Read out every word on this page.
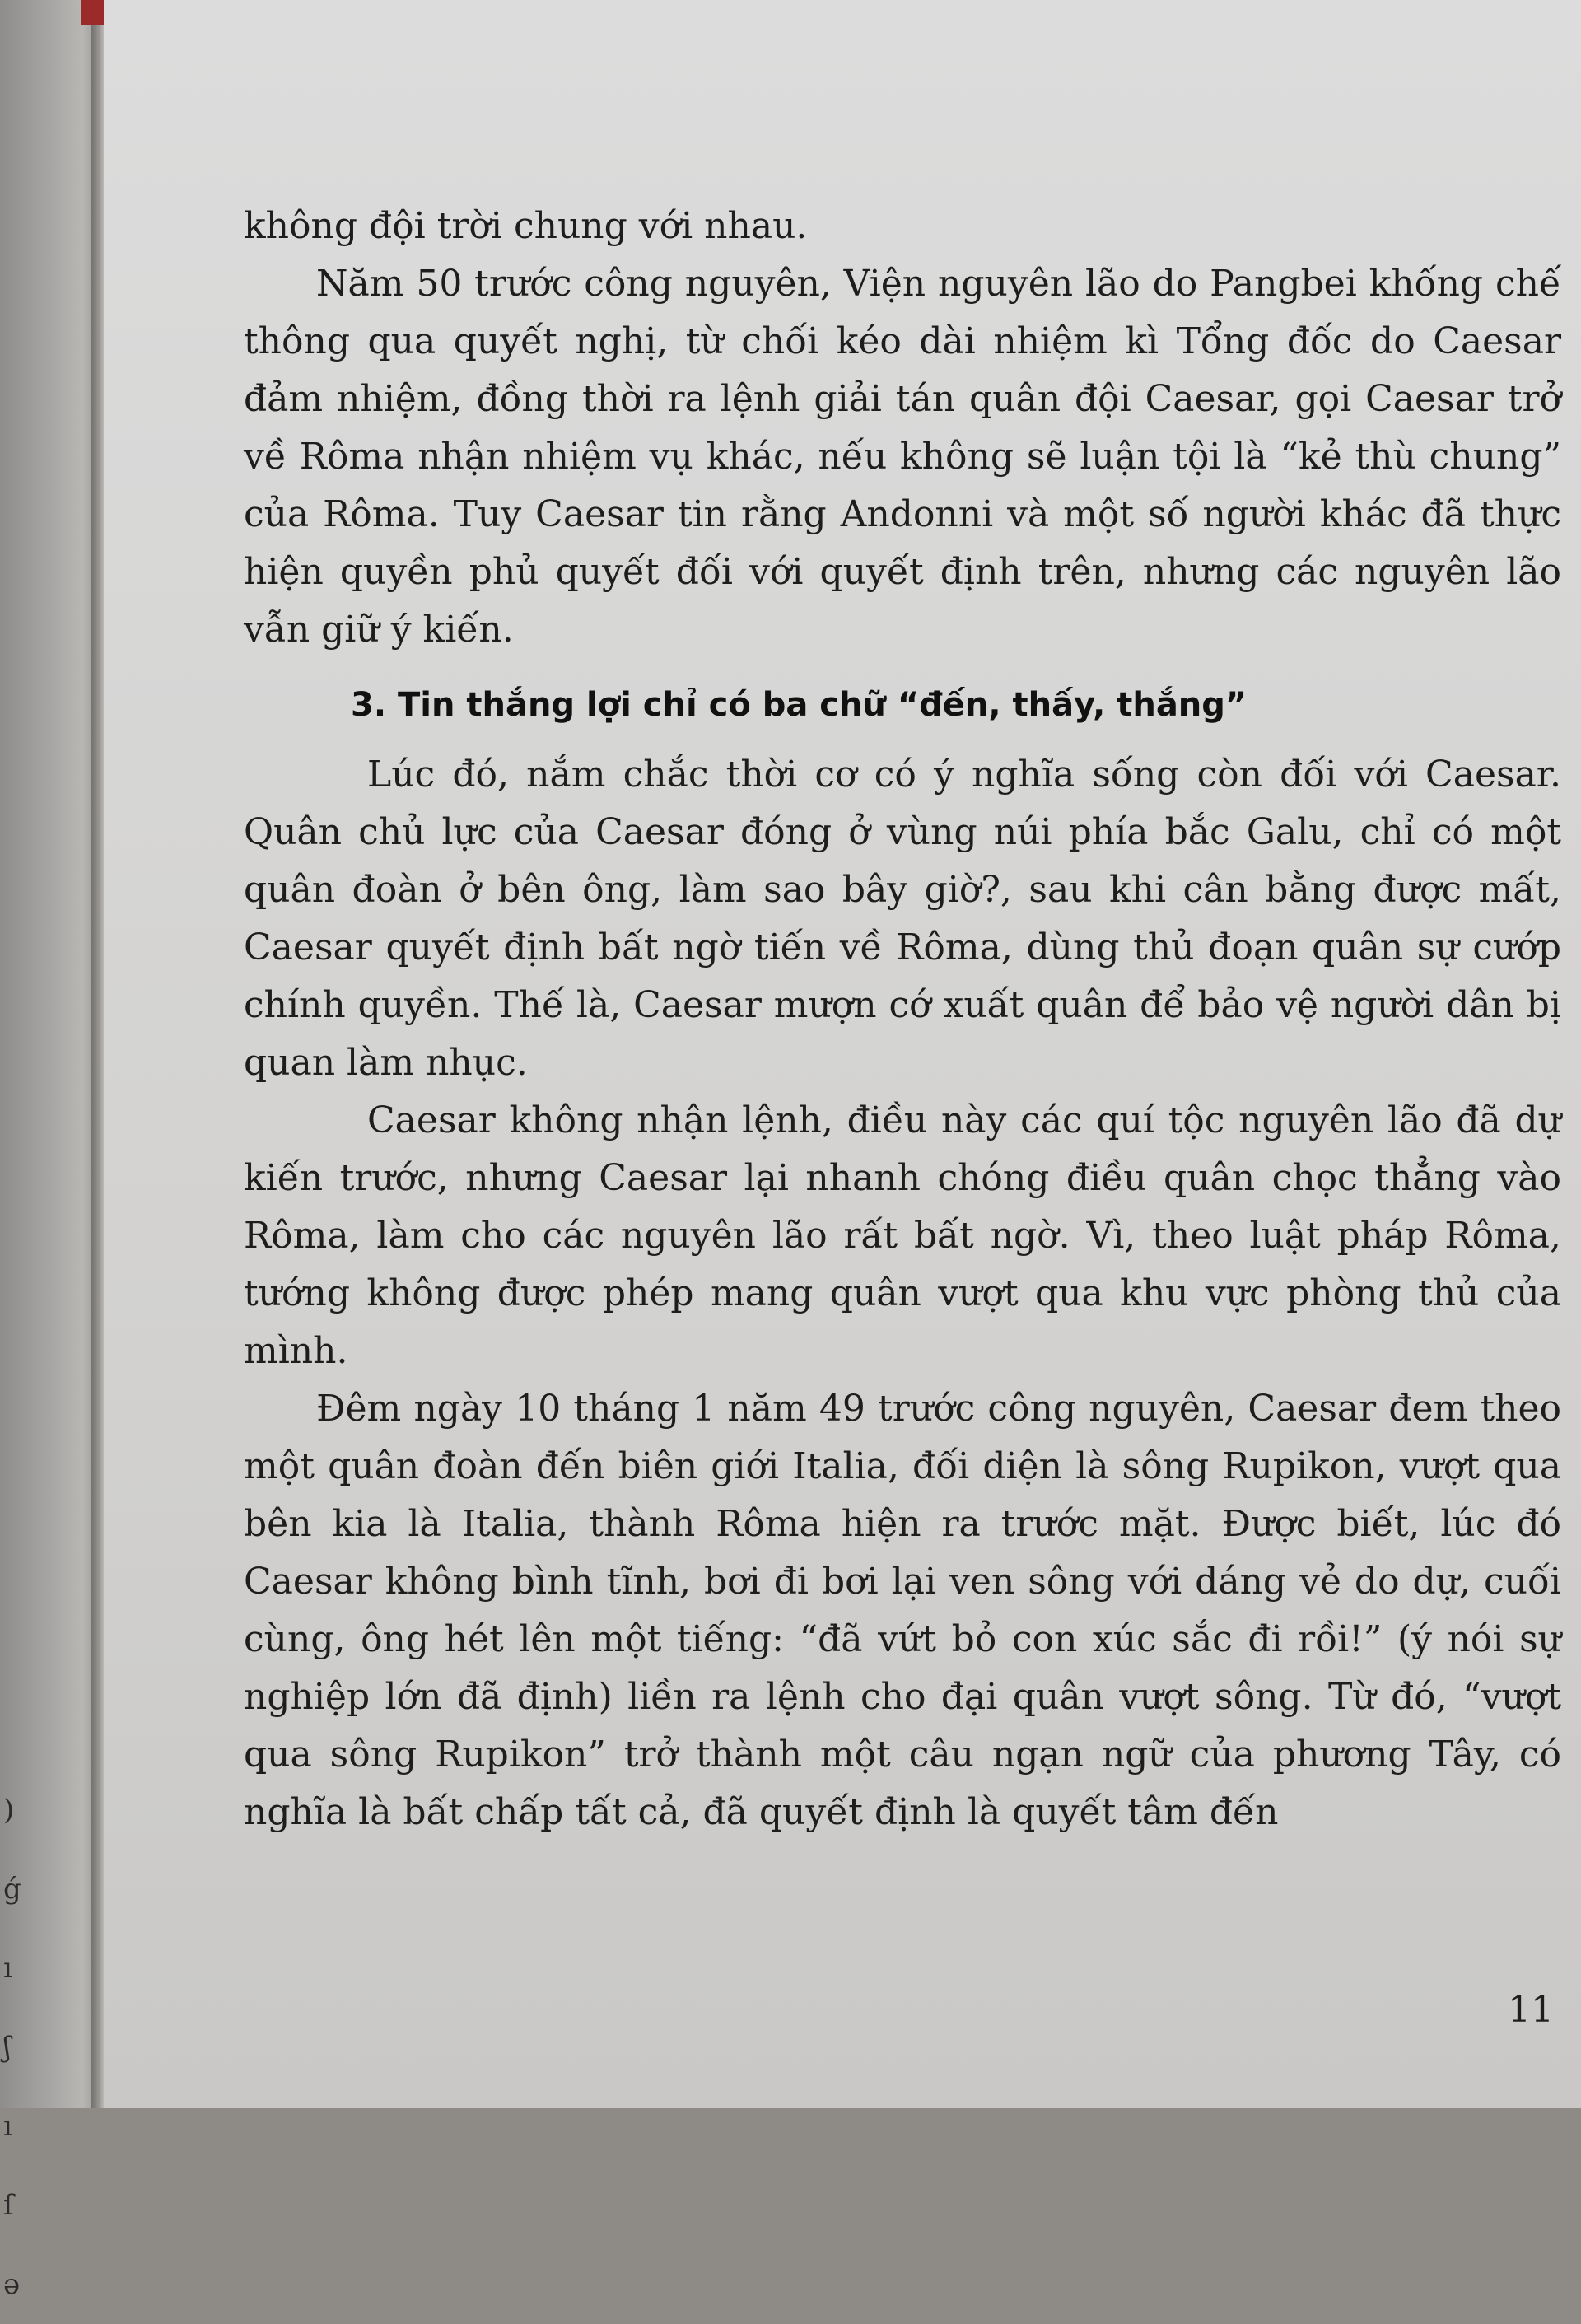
)
ǵ
ı
ʃ
ı
ſ
ə

không đội trời chung với nhau.

Năm 50 trước công nguyên, Viện nguyên lão do Pangbei khống chế thông qua quyết nghị, từ chối kéo dài nhiệm kì Tổng đốc do Caesar đảm nhiệm, đồng thời ra lệnh giải tán quân đội Caesar, gọi Caesar trở về Rôma nhận nhiệm vụ khác, nếu không sẽ luận tội là “kẻ thù chung” của Rôma. Tuy Caesar tin rằng Andonni và một số người khác đã thực hiện quyền phủ quyết đối với quyết định trên, nhưng các nguyên lão vẫn giữ ý kiến.

3. Tin thắng lợi chỉ có ba chữ “đến, thấy, thắng”

Lúc đó, nắm chắc thời cơ có ý nghĩa sống còn đối với Caesar. Quân chủ lực của Caesar đóng ở vùng núi phía bắc Galu, chỉ có một quân đoàn ở bên ông, làm sao bây giờ?, sau khi cân bằng được mất, Caesar quyết định bất ngờ tiến về Rôma, dùng thủ đoạn quân sự cướp chính quyền. Thế là, Caesar mượn cớ xuất quân để bảo vệ người dân bị quan làm nhục.

Caesar không nhận lệnh, điều này các quí tộc nguyên lão đã dự kiến trước, nhưng Caesar lại nhanh chóng điều quân chọc thẳng vào Rôma, làm cho các nguyên lão rất bất ngờ. Vì, theo luật pháp Rôma, tướng không được phép mang quân vượt qua khu vực phòng thủ của mình.

Đêm ngày 10 tháng 1 năm 49 trước công nguyên, Caesar đem theo một quân đoàn đến biên giới Italia, đối diện là sông Rupikon, vượt qua bên kia là Italia, thành Rôma hiện ra trước mặt. Được biết, lúc đó Caesar không bình tĩnh, bơi đi bơi lại ven sông với dáng vẻ do dự, cuối cùng, ông hét lên một tiếng: “đã vứt bỏ con xúc sắc đi rồi!” (ý nói sự nghiệp lớn đã định) liền ra lệnh cho đại quân vượt sông. Từ đó, “vượt qua sông Rupikon” trở thành một câu ngạn ngữ của phương Tây, có nghĩa là bất chấp tất cả, đã quyết định là quyết tâm đến

11
